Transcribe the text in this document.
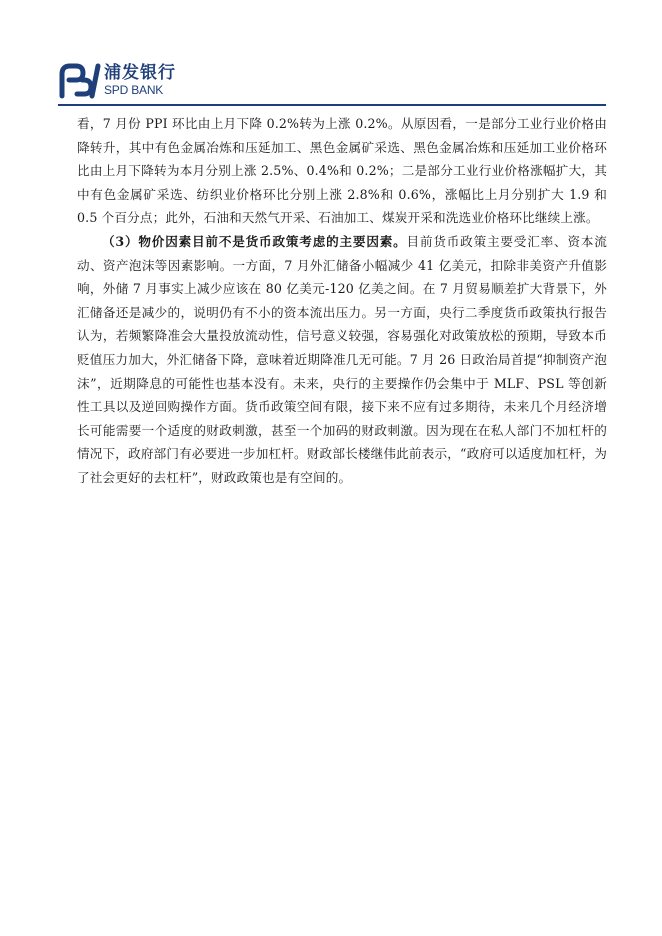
浦发银行
SPD BANK

看，7 月份 PPI 环比由上月下降 0.2%转为上涨 0.2%。从原因看，一是部分工业行业价格由降转升，其中有色金属冶炼和压延加工、黑色金属矿采选、黑色金属冶炼和压延加工业价格环比由上月下降转为本月分别上涨 2.5%、0.4%和 0.2%；二是部分工业行业价格涨幅扩大，其中有色金属矿采选、纺织业价格环比分别上涨 2.8%和 0.6%，涨幅比上月分别扩大 1.9 和 0.5 个百分点；此外，石油和天然气开采、石油加工、煤炭开采和洗选业价格环比继续上涨。

（3）物价因素目前不是货币政策考虑的主要因素。目前货币政策主要受汇率、资本流动、资产泡沫等因素影响。一方面，7 月外汇储备小幅减少 41 亿美元，扣除非美资产升值影响，外储 7 月事实上减少应该在 80 亿美元-120 亿美之间。在 7 月贸易顺差扩大背景下，外汇储备还是减少的，说明仍有不小的资本流出压力。另一方面，央行二季度货币政策执行报告认为，若频繁降准会大量投放流动性，信号意义较强，容易强化对政策放松的预期，导致本币贬值压力加大，外汇储备下降，意味着近期降准几无可能。7 月 26 日政治局首提“抑制资产泡沫”，近期降息的可能性也基本没有。未来，央行的主要操作仍会集中于 MLF、PSL 等创新性工具以及逆回购操作方面。货币政策空间有限，接下来不应有过多期待，未来几个月经济增长可能需要一个适度的财政刺激，甚至一个加码的财政刺激。因为现在在私人部门不加杠杆的情况下，政府部门有必要进一步加杠杆。财政部长楼继伟此前表示，“政府可以适度加杠杆，为了社会更好的去杠杆”，财政政策也是有空间的。
